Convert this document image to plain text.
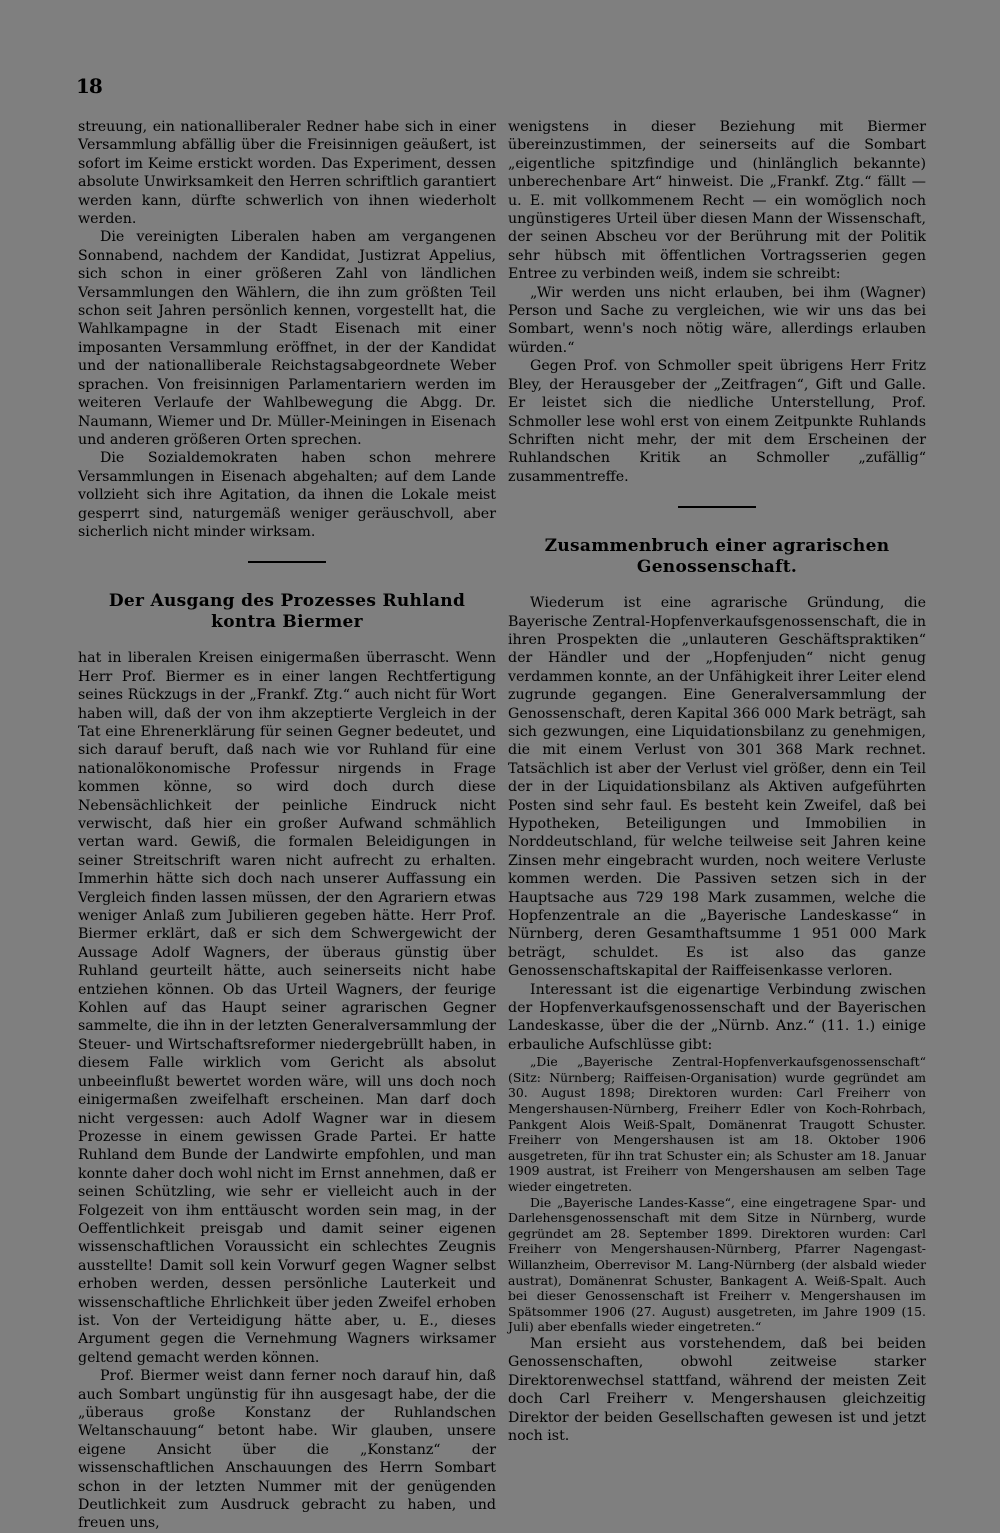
18

streuung, ein nationalliberaler Redner habe sich in einer Versammlung abfällig über die Freisinnigen geäußert, ist sofort im Keime erstickt worden. Das Experiment, dessen absolute Unwirksamkeit den Herren schriftlich garantiert werden kann, dürfte schwerlich von ihnen wiederholt werden.

Die vereinigten Liberalen haben am vergangenen Sonnabend, nachdem der Kandidat, Justizrat Appelius, sich schon in einer größeren Zahl von ländlichen Versammlungen den Wählern, die ihn zum größten Teil schon seit Jahren persönlich kennen, vorgestellt hat, die Wahlkampagne in der Stadt Eisenach mit einer imposanten Versammlung eröffnet, in der der Kandidat und der nationalliberale Reichstagsabgeordnete Weber sprachen. Von freisinnigen Parlamentariern werden im weiteren Verlaufe der Wahlbewegung die Abgg. Dr. Naumann, Wiemer und Dr. Müller-Meiningen in Eisenach und anderen größeren Orten sprechen.

Die Sozialdemokraten haben schon mehrere Versammlungen in Eisenach abgehalten; auf dem Lande vollzieht sich ihre Agitation, da ihnen die Lokale meist gesperrt sind, naturgemäß weniger geräuschvoll, aber sicherlich nicht minder wirksam.

Der Ausgang des Prozesses Ruhland kontra Biermer

hat in liberalen Kreisen einigermaßen überrascht. Wenn Herr Prof. Biermer es in einer langen Rechtfertigung seines Rückzugs in der „Frankf. Ztg.“ auch nicht für Wort haben will, daß der von ihm akzeptierte Vergleich in der Tat eine Ehrenerklärung für seinen Gegner bedeutet, und sich darauf beruft, daß nach wie vor Ruhland für eine nationalökonomische Professur nirgends in Frage kommen könne, so wird doch durch diese Nebensächlichkeit der peinliche Eindruck nicht verwischt, daß hier ein großer Aufwand schmählich vertan ward. Gewiß, die formalen Beleidigungen in seiner Streitschrift waren nicht aufrecht zu erhalten. Immerhin hätte sich doch nach unserer Auffassung ein Vergleich finden lassen müssen, der den Agrariern etwas weniger Anlaß zum Jubilieren gegeben hätte. Herr Prof. Biermer erklärt, daß er sich dem Schwergewicht der Aussage Adolf Wagners, der überaus günstig über Ruhland geurteilt hätte, auch seinerseits nicht habe entziehen können. Ob das Urteil Wagners, der feurige Kohlen auf das Haupt seiner agrarischen Gegner sammelte, die ihn in der letzten Generalversammlung der Steuer- und Wirtschaftsreformer niedergebrüllt haben, in diesem Falle wirklich vom Gericht als absolut unbeeinflußt bewertet worden wäre, will uns doch noch einigermaßen zweifelhaft erscheinen. Man darf doch nicht vergessen: auch Adolf Wagner war in diesem Prozesse in einem gewissen Grade Partei. Er hatte Ruhland dem Bunde der Landwirte empfohlen, und man konnte daher doch wohl nicht im Ernst annehmen, daß er seinen Schützling, wie sehr er vielleicht auch in der Folgezeit von ihm enttäuscht worden sein mag, in der Oeffentlichkeit preisgab und damit seiner eigenen wissenschaftlichen Voraussicht ein schlechtes Zeugnis ausstellte! Damit soll kein Vorwurf gegen Wagner selbst erhoben werden, dessen persönliche Lauterkeit und wissenschaftliche Ehrlichkeit über jeden Zweifel erhoben ist. Von der Verteidigung hätte aber, u. E., dieses Argument gegen die Vernehmung Wagners wirksamer geltend gemacht werden können.

Prof. Biermer weist dann ferner noch darauf hin, daß auch Sombart ungünstig für ihn ausgesagt habe, der die „überaus große Konstanz der Ruhlandschen Weltanschauung“ betont habe. Wir glauben, unsere eigene Ansicht über die „Konstanz“ der wissenschaftlichen Anschauungen des Herrn Sombart schon in der letzten Nummer mit der genügenden Deutlichkeit zum Ausdruck gebracht zu haben, und freuen uns,

wenigstens in dieser Beziehung mit Biermer übereinzustimmen, der seinerseits auf die Sombart „eigentliche spitzfindige und (hinlänglich bekannte) unberechenbare Art“ hinweist. Die „Frankf. Ztg.“ fällt — u. E. mit vollkommenem Recht — ein womöglich noch ungünstigeres Urteil über diesen Mann der Wissenschaft, der seinen Abscheu vor der Berührung mit der Politik sehr hübsch mit öffentlichen Vortragsserien gegen Entree zu verbinden weiß, indem sie schreibt:

„Wir werden uns nicht erlauben, bei ihm (Wagner) Person und Sache zu vergleichen, wie wir uns das bei Sombart, wenn's noch nötig wäre, allerdings erlauben würden.“

Gegen Prof. von Schmoller speit übrigens Herr Fritz Bley, der Herausgeber der „Zeitfragen“, Gift und Galle. Er leistet sich die niedliche Unterstellung, Prof. Schmoller lese wohl erst von einem Zeitpunkte Ruhlands Schriften nicht mehr, der mit dem Erscheinen der Ruhlandschen Kritik an Schmoller „zufällig“ zusammentreffe.

Zusammenbruch einer agrarischen Genossenschaft.

Wiederum ist eine agrarische Gründung, die Bayerische Zentral-Hopfenverkaufsgenossenschaft, die in ihren Prospekten die „unlauteren Geschäftspraktiken“ der Händler und der „Hopfenjuden“ nicht genug verdammen konnte, an der Unfähigkeit ihrer Leiter elend zugrunde gegangen. Eine Generalversammlung der Genossenschaft, deren Kapital 366 000 Mark beträgt, sah sich gezwungen, eine Liquidationsbilanz zu genehmigen, die mit einem Verlust von 301 368 Mark rechnet. Tatsächlich ist aber der Verlust viel größer, denn ein Teil der in der Liquidationsbilanz als Aktiven aufgeführten Posten sind sehr faul. Es besteht kein Zweifel, daß bei Hypotheken, Beteiligungen und Immobilien in Norddeutschland, für welche teilweise seit Jahren keine Zinsen mehr eingebracht wurden, noch weitere Verluste kommen werden. Die Passiven setzen sich in der Hauptsache aus 729 198 Mark zusammen, welche die Hopfenzentrale an die „Bayerische Landeskasse“ in Nürnberg, deren Gesamthaftsumme 1 951 000 Mark beträgt, schuldet. Es ist also das ganze Genossenschaftskapital der Raiffeisenkasse verloren.

Interessant ist die eigenartige Verbindung zwischen der Hopfenverkaufsgenossenschaft und der Bayerischen Landeskasse, über die der „Nürnb. Anz.“ (11. 1.) einige erbauliche Aufschlüsse gibt:

„Die „Bayerische Zentral-Hopfenverkaufsgenossenschaft“ (Sitz: Nürnberg; Raiffeisen-Organisation) wurde gegründet am 30. August 1898; Direktoren wurden: Carl Freiherr von Mengershausen-Nürnberg, Freiherr Edler von Koch-Rohrbach, Pankgent Alois Weiß-Spalt, Domänenrat Traugott Schuster. Freiherr von Mengershausen ist am 18. Oktober 1906 ausgetreten, für ihn trat Schuster ein; als Schuster am 18. Januar 1909 austrat, ist Freiherr von Mengershausen am selben Tage wieder eingetreten.

Die „Bayerische Landes-Kasse“, eine eingetragene Spar- und Darlehensgenossenschaft mit dem Sitze in Nürnberg, wurde gegründet am 28. September 1899. Direktoren wurden: Carl Freiherr von Mengershausen-Nürnberg, Pfarrer Nagengast-Willanzheim, Oberrevisor M. Lang-Nürnberg (der alsbald wieder austrat), Domänenrat Schuster, Bankagent A. Weiß-Spalt. Auch bei dieser Genossenschaft ist Freiherr v. Mengershausen im Spätsommer 1906 (27. August) ausgetreten, im Jahre 1909 (15. Juli) aber ebenfalls wieder eingetreten.“

Man ersieht aus vorstehendem, daß bei beiden Genossenschaften, obwohl zeitweise starker Direktorenwechsel stattfand, während der meisten Zeit doch Carl Freiherr v. Mengershausen gleichzeitig Direktor der beiden Gesellschaften gewesen ist und jetzt noch ist.
